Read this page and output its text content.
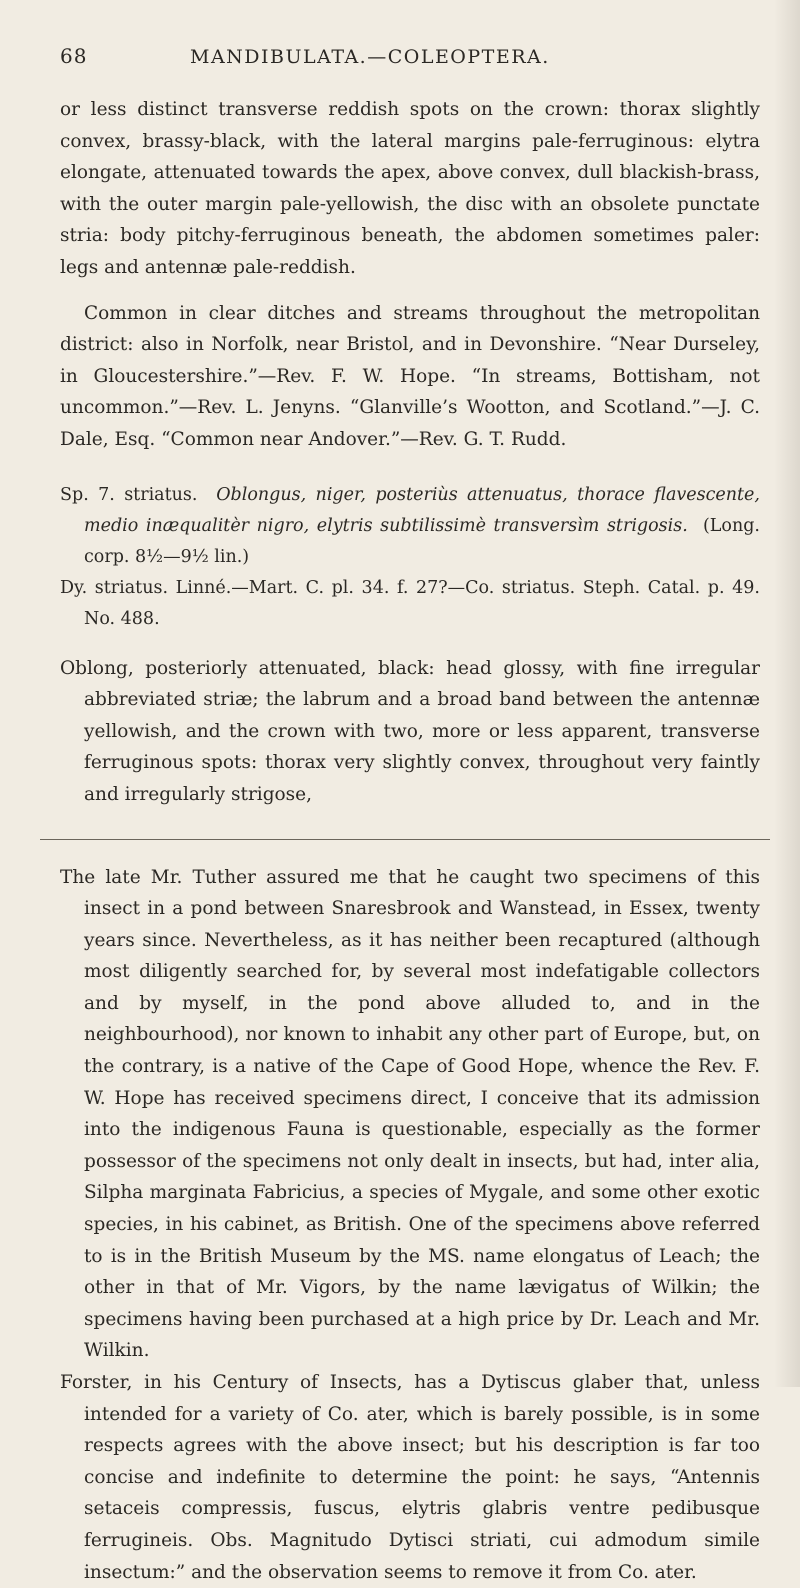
68	MANDIBULATA.—COLEOPTERA.

or less distinct transverse reddish spots on the crown: thorax slightly convex, brassy-black, with the lateral margins pale-ferruginous: elytra elongate, attenuated towards the apex, above convex, dull blackish-brass, with the outer margin pale-yellowish, the disc with an obsolete punctate stria: body pitchy-ferruginous beneath, the abdomen sometimes paler: legs and antennæ pale-reddish.

Common in clear ditches and streams throughout the metropolitan district: also in Norfolk, near Bristol, and in Devonshire. “Near Durseley, in Gloucestershire.”—Rev. F. W. Hope. “In streams, Bottisham, not uncommon.”—Rev. L. Jenyns. “Glanville’s Wootton, and Scotland.”—J. C. Dale, Esq. “Common near Andover.”—Rev. G. T. Rudd.

Sp. 7. striatus. Oblongus, niger, posteriùs attenuatus, thorace flavescente, medio inæqualitèr nigro, elytris subtilissimè transversìm strigosis. (Long. corp. 8½—9½ lin.)

Dy. striatus. Linné.—Mart. C. pl. 34. f. 27?—Co. striatus. Steph. Catal. p. 49. No. 488.

Oblong, posteriorly attenuated, black: head glossy, with fine irregular abbreviated striæ; the labrum and a broad band between the antennæ yellowish, and the crown with two, more or less apparent, transverse ferruginous spots: thorax very slightly convex, throughout very faintly and irregularly strigose,

The late Mr. Tuther assured me that he caught two specimens of this insect in a pond between Snaresbrook and Wanstead, in Essex, twenty years since. Nevertheless, as it has neither been recaptured (although most diligently searched for, by several most indefatigable collectors and by myself, in the pond above alluded to, and in the neighbourhood), nor known to inhabit any other part of Europe, but, on the contrary, is a native of the Cape of Good Hope, whence the Rev. F. W. Hope has received specimens direct, I conceive that its admission into the indigenous Fauna is questionable, especially as the former possessor of the specimens not only dealt in insects, but had, inter alia, Silpha marginata Fabricius, a species of Mygale, and some other exotic species, in his cabinet, as British. One of the specimens above referred to is in the British Museum by the MS. name elongatus of Leach; the other in that of Mr. Vigors, by the name lævigatus of Wilkin; the specimens having been purchased at a high price by Dr. Leach and Mr. Wilkin.

Forster, in his Century of Insects, has a Dytiscus glaber that, unless intended for a variety of Co. ater, which is barely possible, is in some respects agrees with the above insect; but his description is far too concise and indefinite to determine the point: he says, “Antennis setaceis compressis, fuscus, elytris glabris ventre pedibusque ferrugineis. Obs. Magnitudo Dytisci striati, cui admodum simile insectum:” and the observation seems to remove it from Co. ater.
